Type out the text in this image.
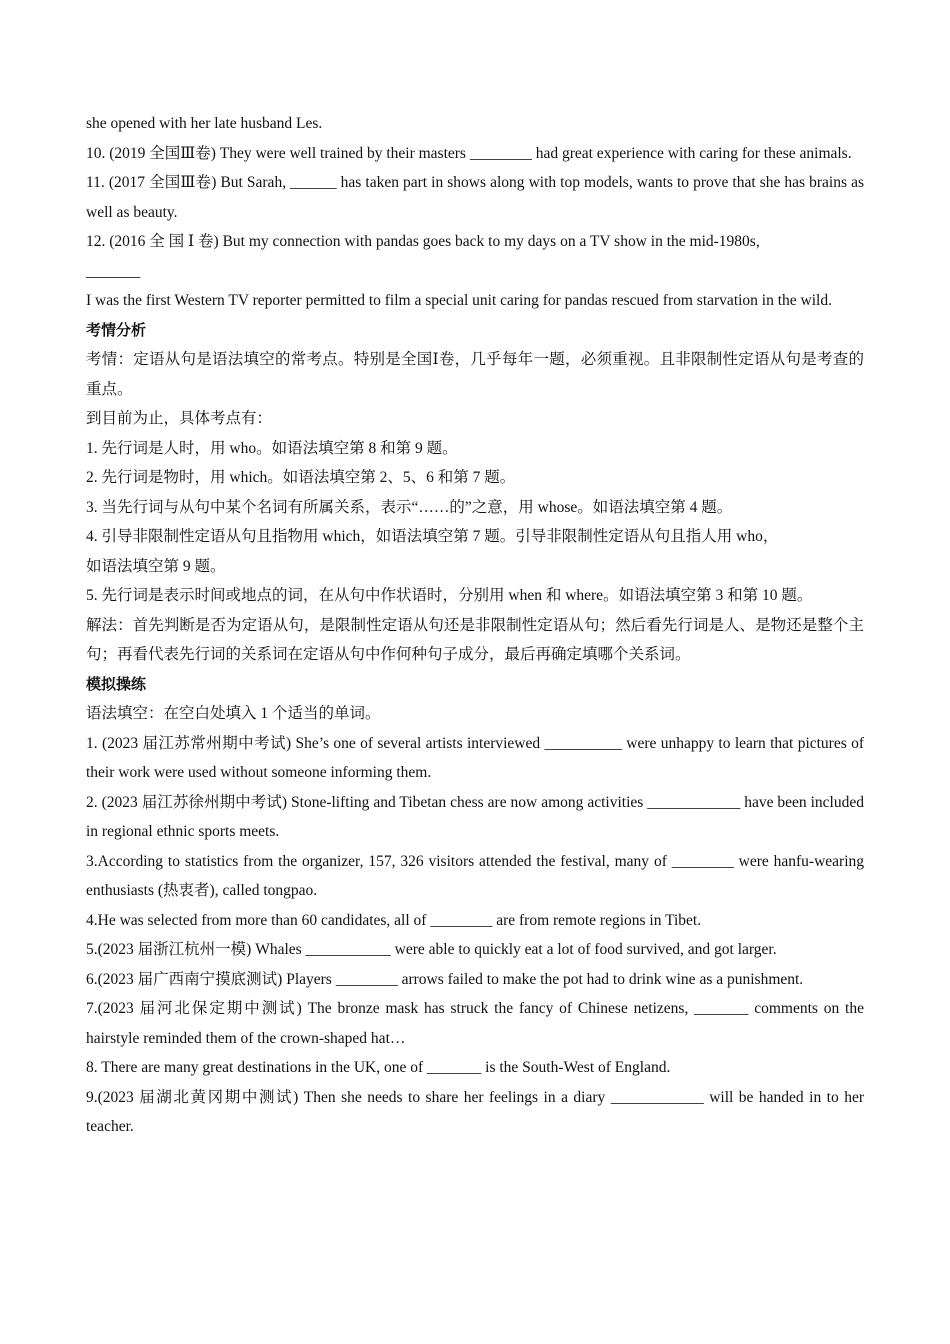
she opened with her late husband Les.

10. (2019 全国Ⅲ卷) They were well trained by their masters ________ had great experience with caring for these animals.

11. (2017 全国Ⅲ卷) But Sarah, ______ has taken part in shows along with top models, wants to prove that she has brains as well as beauty.

12. (2016 全 国 Ⅰ 卷) But my connection with pandas goes back to my days on a TV show in the mid-1980s,

_______

I was the first Western TV reporter permitted to film a special unit caring for pandas rescued from starvation in the wild.

考情分析

考情：定语从句是语法填空的常考点。特别是全国Ⅰ卷，几乎每年一题，必须重视。且非限制性定语从句是考查的重点。

到目前为止，具体考点有：

1. 先行词是人时，用 who。如语法填空第 8 和第 9 题。

2. 先行词是物时，用 which。如语法填空第 2、5、6 和第 7 题。

3. 当先行词与从句中某个名词有所属关系，表示“……的”之意，用 whose。如语法填空第 4 题。

4. 引导非限制性定语从句且指物用 which，如语法填空第 7 题。引导非限制性定语从句且指人用 who，

如语法填空第 9 题。

5. 先行词是表示时间或地点的词，在从句中作状语时，分别用 when 和 where。如语法填空第 3 和第 10 题。

解法：首先判断是否为定语从句，是限制性定语从句还是非限制性定语从句；然后看先行词是人、是物还是整个主句；再看代表先行词的关系词在定语从句中作何种句子成分，最后再确定填哪个关系词。

模拟操练

语法填空：在空白处填入 1 个适当的单词。

1. (2023 届江苏常州期中考试) She’s one of several artists interviewed __________ were unhappy to learn that pictures of their work were used without someone informing them.

2. (2023 届江苏徐州期中考试) Stone-lifting and Tibetan chess are now among activities ____________ have been included in regional ethnic sports meets.

3.According to statistics from the organizer, 157, 326 visitors attended the festival, many of ________ were hanfu-wearing enthusiasts (热衷者), called tongpao.

4.He was selected from more than 60 candidates, all of ________ are from remote regions in Tibet.

5.(2023 届浙江杭州一模) Whales ___________ were able to quickly eat a lot of food survived, and got larger.

6.(2023 届广西南宁摸底测试) Players ________ arrows failed to make the pot had to drink wine as a punishment.

7.(2023 届河北保定期中测试) The bronze mask has struck the fancy of Chinese netizens, _______ comments on the hairstyle reminded them of the crown-shaped hat…

8. There are many great destinations in the UK, one of _______ is the South-West of England.

9.(2023 届湖北黄冈期中测试) Then she needs to share her feelings in a diary ____________ will be handed in to her teacher.
